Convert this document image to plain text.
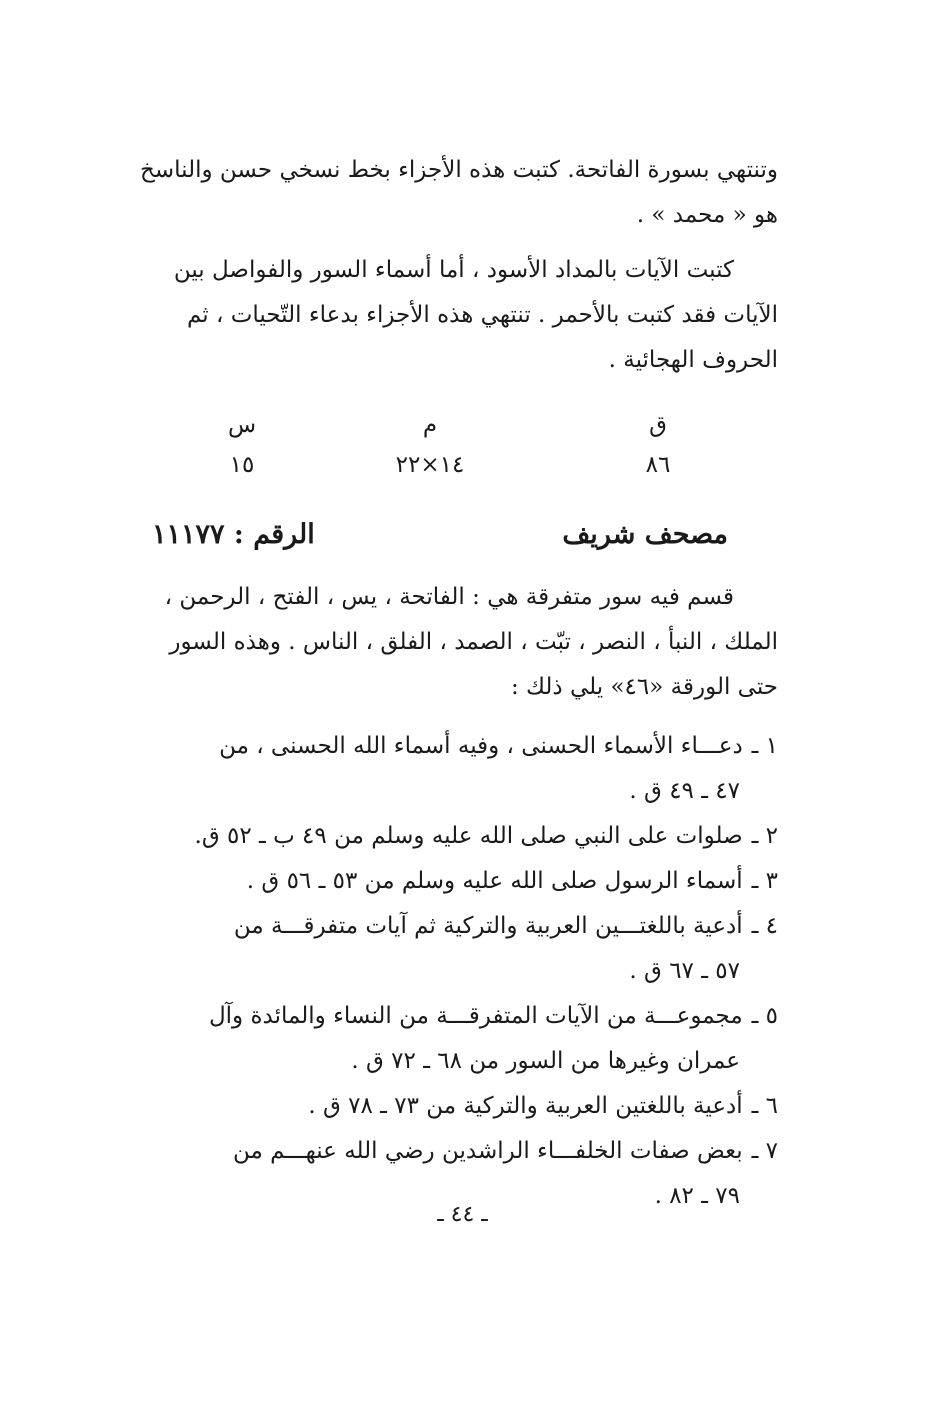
وتنتهي بسورة الفاتحة. كتبت هذه الأجزاء بخط نسخي حسن والناسخ
هو « محمد » .

كتبت الآيات بالمداد الأسود ، أما أسماء السور والفواصل بين
الآيات فقد كتبت بالأحمر . تنتهي هذه الأجزاء بدعاء التّحيات ، ثم
الحروف الهجائية .

ق
٨٦
م
١٤×٢٢
س
١٥
مصحف شريف
الرقم : ١١١٧٧

قسم فيه سور متفرقة هي : الفاتحة ، يس ، الفتح ، الرحمن ،
الملك ، النبأ ، النصر ، تبّت ، الصمد ، الفلق ، الناس . وهذه السور
حتى الورقة «٤٦» يلي ذلك :

١ ـ دعـــاء الأسماء الحسنى ، وفيه أسماء الله الحسنى ، من
٤٧ ـ ٤٩ ق .
٢ ـ صلوات على النبي صلى الله عليه وسلم من ٤٩ ب ـ ٥٢ ق.
٣ ـ أسماء الرسول صلى الله عليه وسلم من ٥٣ ـ ٥٦ ق .
٤ ـ أدعية باللغتـــين العربية والتركية ثم آيات متفرقـــة من
٥٧ ـ ٦٧ ق .
٥ ـ مجموعـــة من الآيات المتفرقـــة من النساء والمائدة وآل
عمران وغيرها من السور من ٦٨ ـ ٧٢ ق .
٦ ـ أدعية باللغتين العربية والتركية من ٧٣ ـ ٧٨ ق .
٧ ـ بعض صفات الخلفـــاء الراشدين رضي الله عنهـــم من
٧٩ ـ ٨٢ .
ـ ٤٤ ـ
